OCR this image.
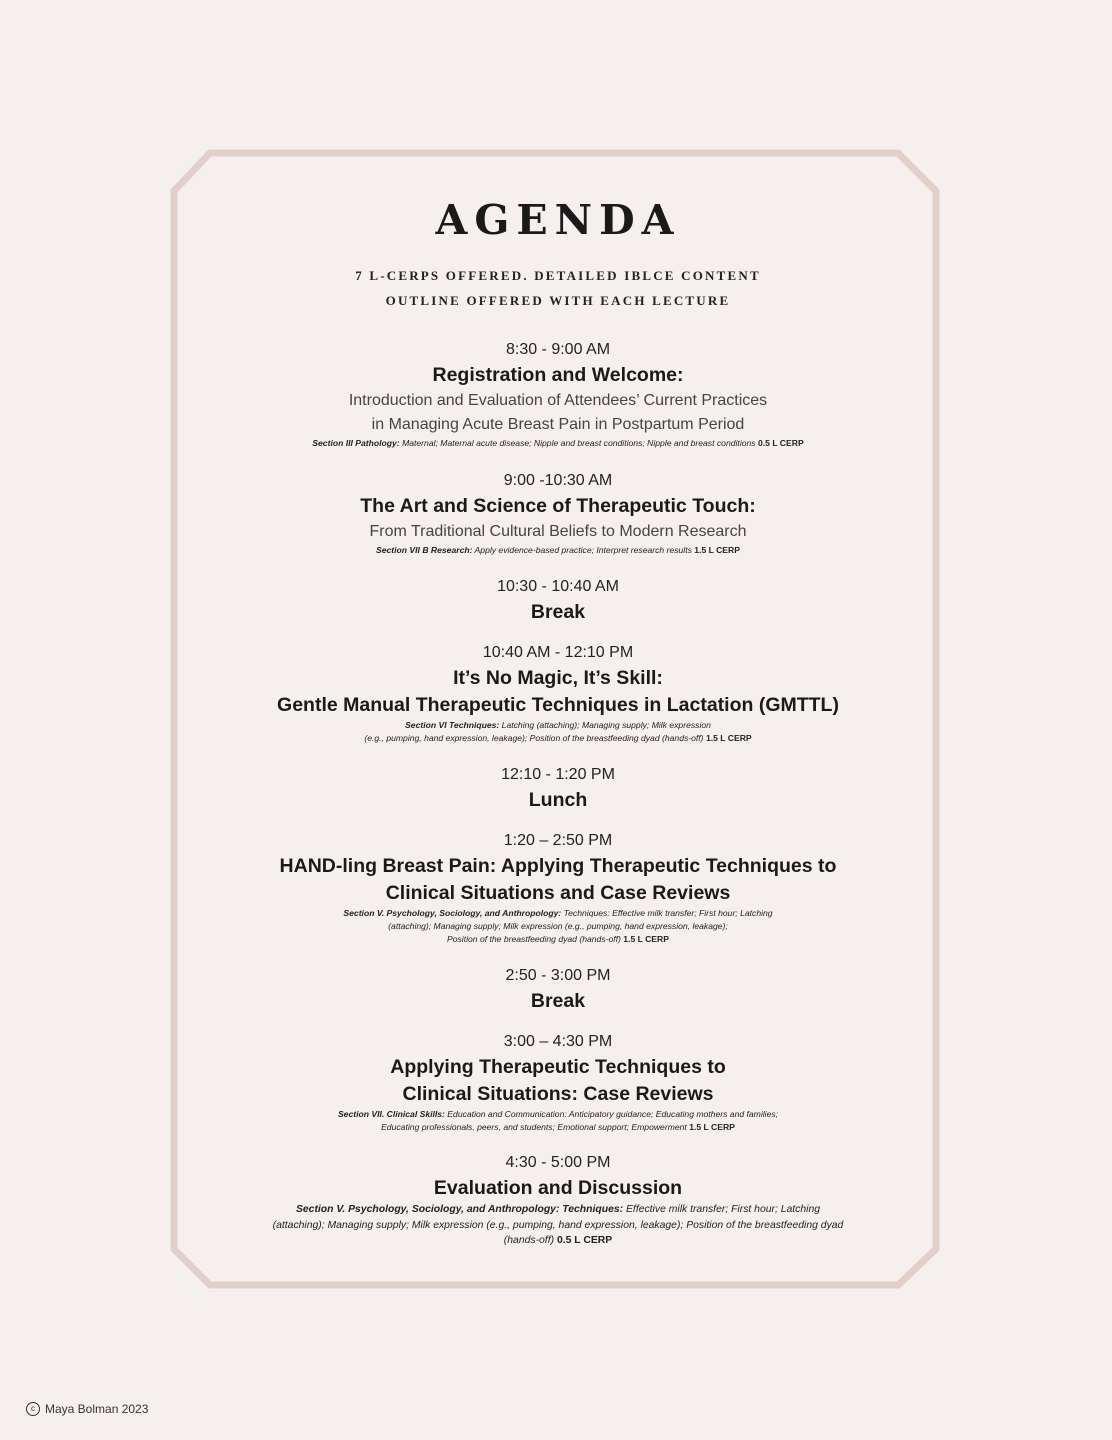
AGENDA
7 L-CERPS OFFERED. DETAILED IBLCE CONTENT
OUTLINE OFFERED WITH EACH LECTURE
8:30 - 9:00 AM
Registration and Welcome:
Introduction and Evaluation of Attendees’ Current Practices
in Managing Acute Breast Pain in Postpartum Period
Section III Pathology: Maternal; Maternal acute disease; Nipple and breast conditions; Nipple and breast conditions 0.5 L CERP
9:00 -10:30 AM
The Art and Science of Therapeutic Touch:
From Traditional Cultural Beliefs to Modern Research
Section VII B Research: Apply evidence-based practice; Interpret research results 1.5 L CERP
10:30 - 10:40 AM
Break
10:40 AM - 12:10 PM
It’s No Magic, It’s Skill:
Gentle Manual Therapeutic Techniques in Lactation (GMTTL)
Section VI Techniques: Latching (attaching); Managing supply; Milk expression
(e.g., pumping, hand expression, leakage); Position of the breastfeeding dyad (hands-off) 1.5 L CERP
12:10 - 1:20 PM
Lunch
1:20 – 2:50 PM
HAND-ling Breast Pain: Applying Therapeutic Techniques to
Clinical Situations and Case Reviews
Section V. Psychology, Sociology, and Anthropology: Techniques: Effective milk transfer; First hour; Latching
(attaching); Managing supply; Milk expression (e.g., pumping, hand expression, leakage);
Position of the breastfeeding dyad (hands-off) 1.5 L CERP
2:50 - 3:00 PM
Break
3:00 – 4:30 PM
Applying Therapeutic Techniques to
Clinical Situations: Case Reviews
Section VII. Clinical Skills: Education and Communication: Anticipatory guidance; Educating mothers and families;
Educating professionals, peers, and students; Emotional support; Empowerment 1.5 L CERP
4:30 - 5:00 PM
Evaluation and Discussion
Section V. Psychology, Sociology, and Anthropology: Techniques: Effective milk transfer; First hour; Latching
(attaching); Managing supply; Milk expression (e.g., pumping, hand expression, leakage); Position of the breastfeeding dyad
(hands-off) 0.5 L CERP
c Maya Bolman 2023
